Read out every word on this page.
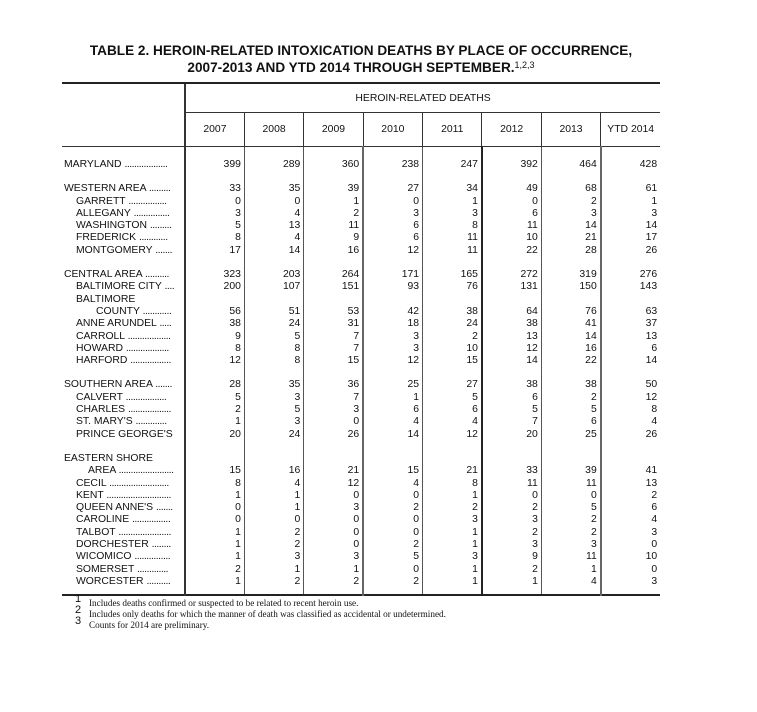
TABLE 2. HEROIN-RELATED INTOXICATION DEATHS BY PLACE OF OCCURRENCE,
2007-2013 AND YTD 2014 THROUGH SEPTEMBER.$^{1,2,3}$

	HEROIN-RELATED DEATHS							
	2007	2008	2009	2010	2011	2012	2013	YTD 2014

MARYLAND ..................	399	289	360	238	247	392	464	428

WESTERN AREA .........	33	35	39	27	34	49	68	61
GARRETT ................	0	0	1	0	1	0	2	1
ALLEGANY ...............	3	4	2	3	3	6	3	3
WASHINGTON .........	5	13	11	6	8	11	14	14
FREDERICK ............	8	4	9	6	11	10	21	17
MONTGOMERY .......	17	14	16	12	11	22	28	26

CENTRAL AREA ..........	323	203	264	171	165	272	319	276
BALTIMORE CITY ....	200	107	151	93	76	131	150	143
BALTIMORE								
COUNTY ............	56	51	53	42	38	64	76	63
ANNE ARUNDEL .....	38	24	31	18	24	38	41	37
CARROLL ..................	9	5	7	3	2	13	14	13
HOWARD ..................	8	8	7	3	10	12	16	6
HARFORD .................	12	8	15	12	15	14	22	14

SOUTHERN AREA .......	28	35	36	25	27	38	38	50
CALVERT .................	5	3	7	1	5	6	2	12
CHARLES ..................	2	5	3	6	6	5	5	8
ST. MARY'S .............	1	3	0	4	4	7	6	4
PRINCE GEORGE'S	20	24	26	14	12	20	25	26

EASTERN SHORE								
AREA .......................	15	16	21	15	21	33	39	41
CECIL .........................	8	4	12	4	8	11	11	13
KENT ...........................	1	1	0	0	1	0	0	2
QUEEN ANNE'S .......	0	1	3	2	2	2	5	6
CAROLINE ................	0	0	0	0	3	3	2	4
TALBOT ......................	1	2	0	0	1	2	2	3
DORCHESTER ........	1	2	0	2	1	3	3	0
WICOMICO ...............	1	3	3	5	3	9	11	10
SOMERSET .............	2	1	1	0	1	2	1	0
WORCESTER ..........	1	2	2	2	1	1	4	3

1 Includes deaths confirmed or suspected to be related to recent heroin use.
2 Includes only deaths for which the manner of death was classified as accidental or undetermined.
3 Counts for 2014 are preliminary.
